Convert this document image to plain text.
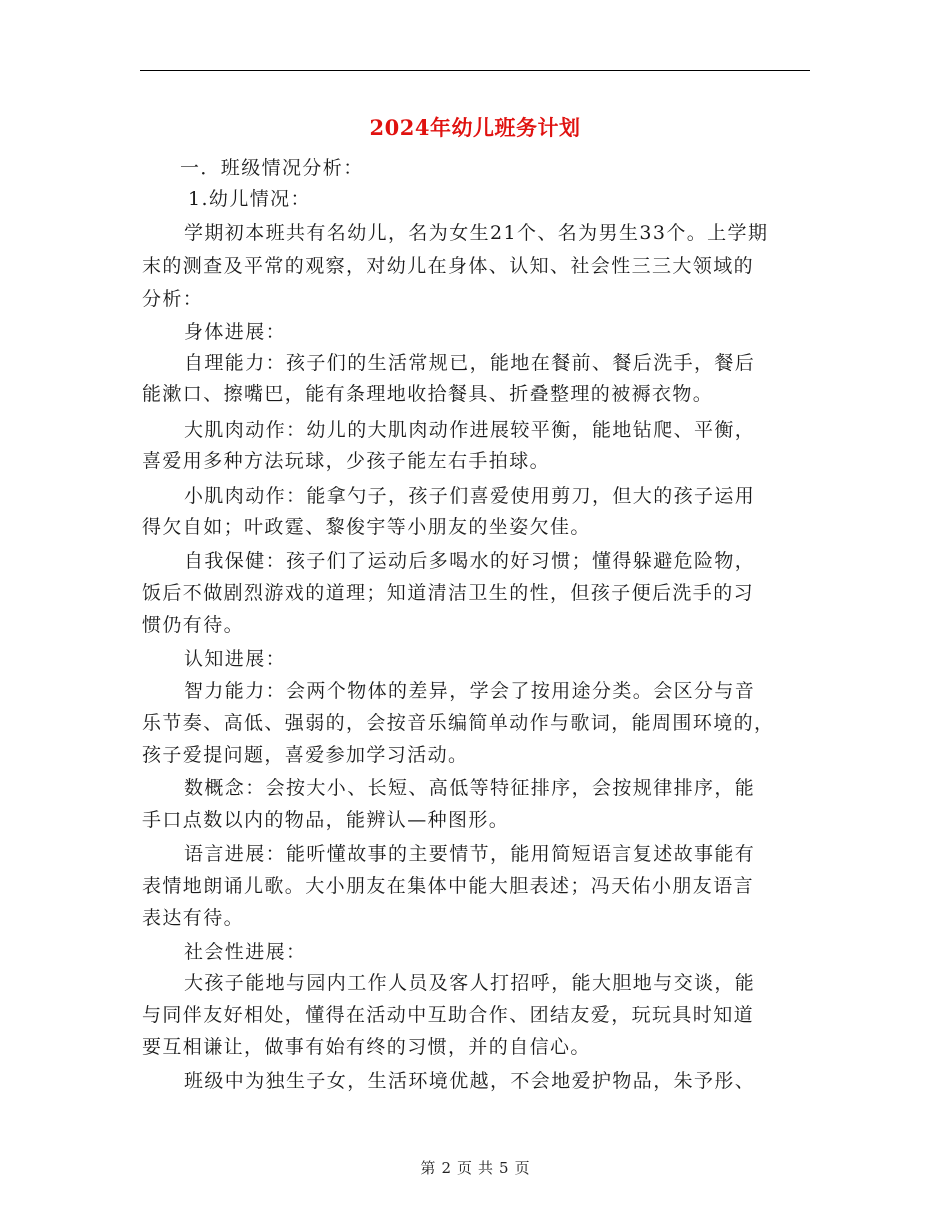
2024年幼儿班务计划
一．班级情况分析：
1.幼儿情况：
学期初本班共有名幼儿，名为女生21个、名为男生33个。上学期
末的测查及平常的观察，对幼儿在身体、认知、社会性三三大领域的
分析：
身体进展：
自理能力：孩子们的生活常规已，能地在餐前、餐后洗手，餐后
能漱口、擦嘴巴，能有条理地收拾餐具、折叠整理的被褥衣物。
大肌肉动作：幼儿的大肌肉动作进展较平衡，能地钻爬、平衡，
喜爱用多种方法玩球，少孩子能左右手拍球。
小肌肉动作：能拿勺子，孩子们喜爱使用剪刀，但大的孩子运用
得欠自如；叶政霆、黎俊宇等小朋友的坐姿欠佳。
自我保健：孩子们了运动后多喝水的好习惯；懂得躲避危险物，
饭后不做剧烈游戏的道理；知道清洁卫生的性，但孩子便后洗手的习
惯仍有待。
认知进展：
智力能力：会两个物体的差异，学会了按用途分类。会区分与音
乐节奏、高低、强弱的，会按音乐编简单动作与歌词，能周围环境的，
孩子爱提问题，喜爱参加学习活动。
数概念：会按大小、长短、高低等特征排序，会按规律排序，能
手口点数以内的物品，能辨认—种图形。
语言进展：能听懂故事的主要情节，能用简短语言复述故事能有
表情地朗诵儿歌。大小朋友在集体中能大胆表述；冯天佑小朋友语言
表达有待。
社会性进展：
大孩子能地与园内工作人员及客人打招呼，能大胆地与交谈，能
与同伴友好相处，懂得在活动中互助合作、团结友爱，玩玩具时知道
要互相谦让，做事有始有终的习惯，并的自信心。
班级中为独生子女，生活环境优越，不会地爱护物品，朱予彤、
第 2 页 共 5 页
